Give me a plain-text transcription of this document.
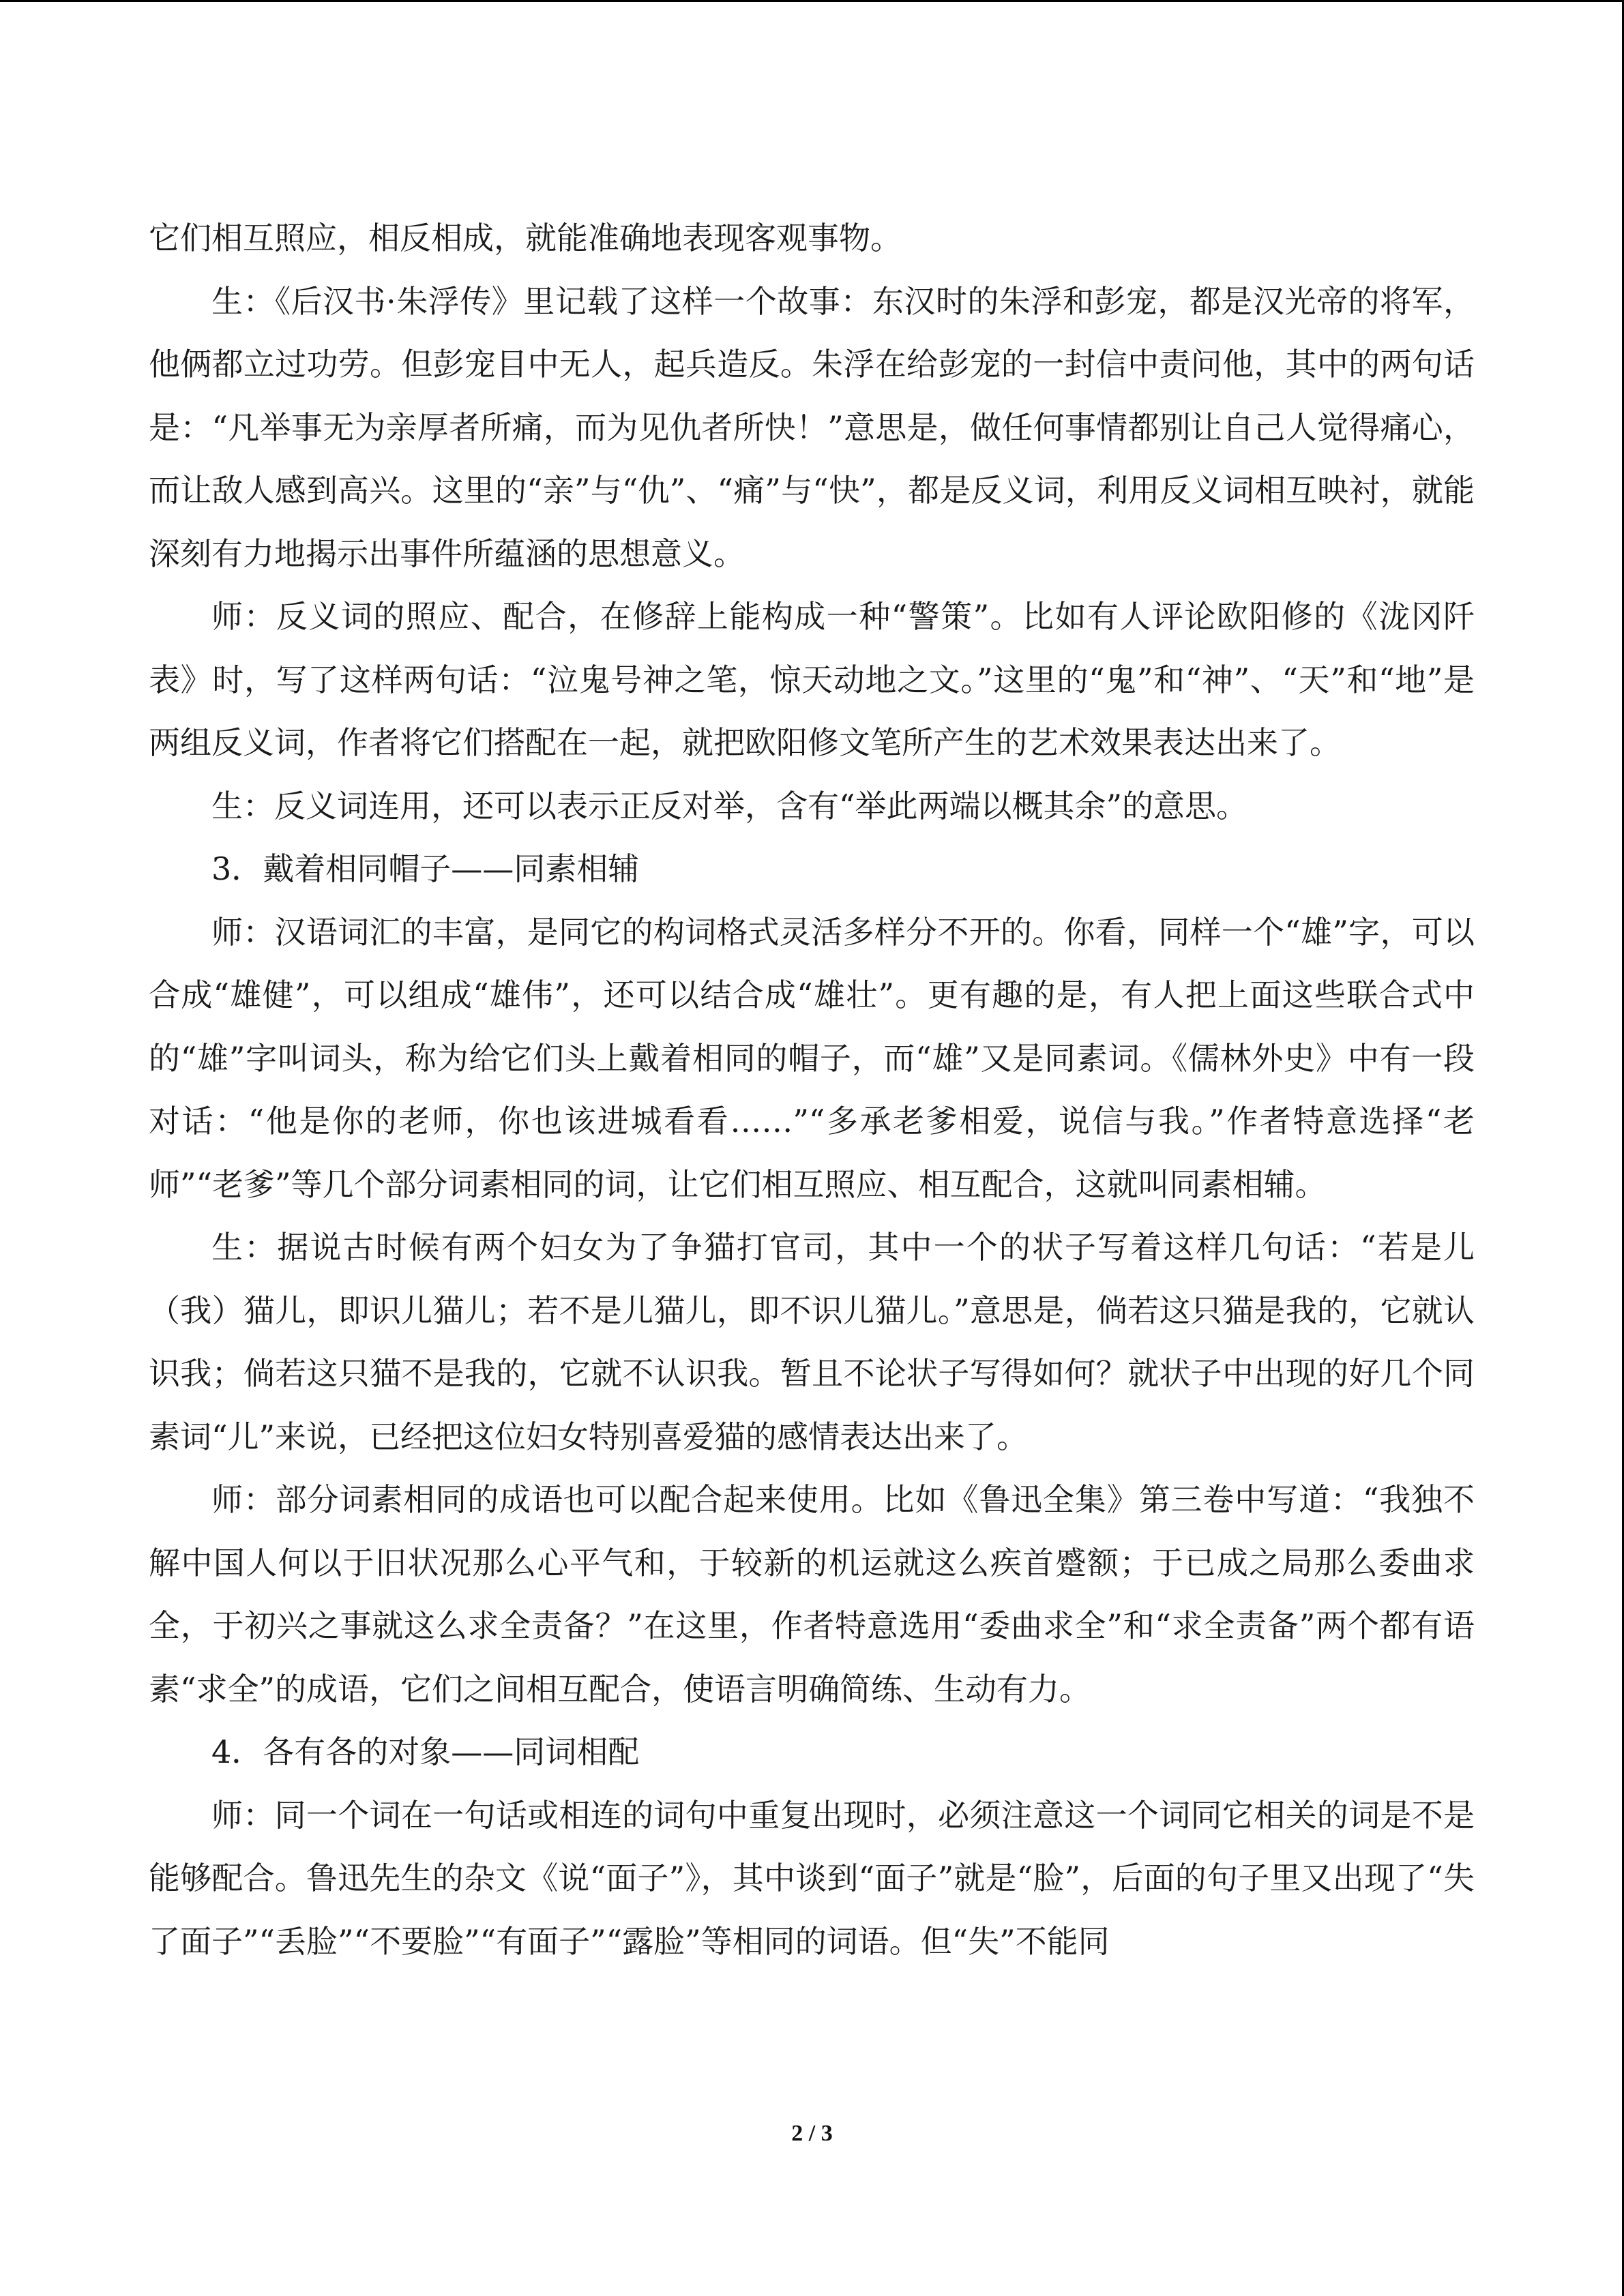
它们相互照应，相反相成，就能准确地表现客观事物。

生：《后汉书·朱浮传》里记载了这样一个故事：东汉时的朱浮和彭宠，都是汉光帝的将军，他俩都立过功劳。但彭宠目中无人，起兵造反。朱浮在给彭宠的一封信中责问他，其中的两句话是：“凡举事无为亲厚者所痛，而为见仇者所快！”意思是，做任何事情都别让自己人觉得痛心，而让敌人感到高兴。这里的“亲”与“仇”、“痛”与“快”，都是反义词，利用反义词相互映衬，就能深刻有力地揭示出事件所蕴涵的思想意义。

师：反义词的照应、配合，在修辞上能构成一种“警策”。比如有人评论欧阳修的《泷冈阡表》时，写了这样两句话：“泣鬼号神之笔，惊天动地之文。”这里的“鬼”和“神”、“天”和“地”是两组反义词，作者将它们搭配在一起，就把欧阳修文笔所产生的艺术效果表达出来了。

生：反义词连用，还可以表示正反对举，含有“举此两端以概其余”的意思。

3．戴着相同帽子——同素相辅

师：汉语词汇的丰富，是同它的构词格式灵活多样分不开的。你看，同样一个“雄”字，可以合成“雄健”，可以组成“雄伟”，还可以结合成“雄壮”。更有趣的是，有人把上面这些联合式中的“雄”字叫词头，称为给它们头上戴着相同的帽子，而“雄”又是同素词。《儒林外史》中有一段对话：“他是你的老师，你也该进城看看……”“多承老爹相爱，说信与我。”作者特意选择“老师”“老爹”等几个部分词素相同的词，让它们相互照应、相互配合，这就叫同素相辅。

生：据说古时候有两个妇女为了争猫打官司，其中一个的状子写着这样几句话：“若是儿（我）猫儿，即识儿猫儿；若不是儿猫儿，即不识儿猫儿。”意思是，倘若这只猫是我的，它就认识我；倘若这只猫不是我的，它就不认识我。暂且不论状子写得如何？就状子中出现的好几个同素词“儿”来说，已经把这位妇女特别喜爱猫的感情表达出来了。

师：部分词素相同的成语也可以配合起来使用。比如《鲁迅全集》第三卷中写道：“我独不解中国人何以于旧状况那么心平气和，于较新的机运就这么疾首蹙额；于已成之局那么委曲求全，于初兴之事就这么求全责备？”在这里，作者特意选用“委曲求全”和“求全责备”两个都有语素“求全”的成语，它们之间相互配合，使语言明确简练、生动有力。

4．各有各的对象——同词相配

师：同一个词在一句话或相连的词句中重复出现时，必须注意这一个词同它相关的词是不是能够配合。鲁迅先生的杂文《说“面子”》，其中谈到“面子”就是“脸”，后面的句子里又出现了“失了面子”“丢脸”“不要脸”“有面子”“露脸”等相同的词语。但“失”不能同

2 / 3
